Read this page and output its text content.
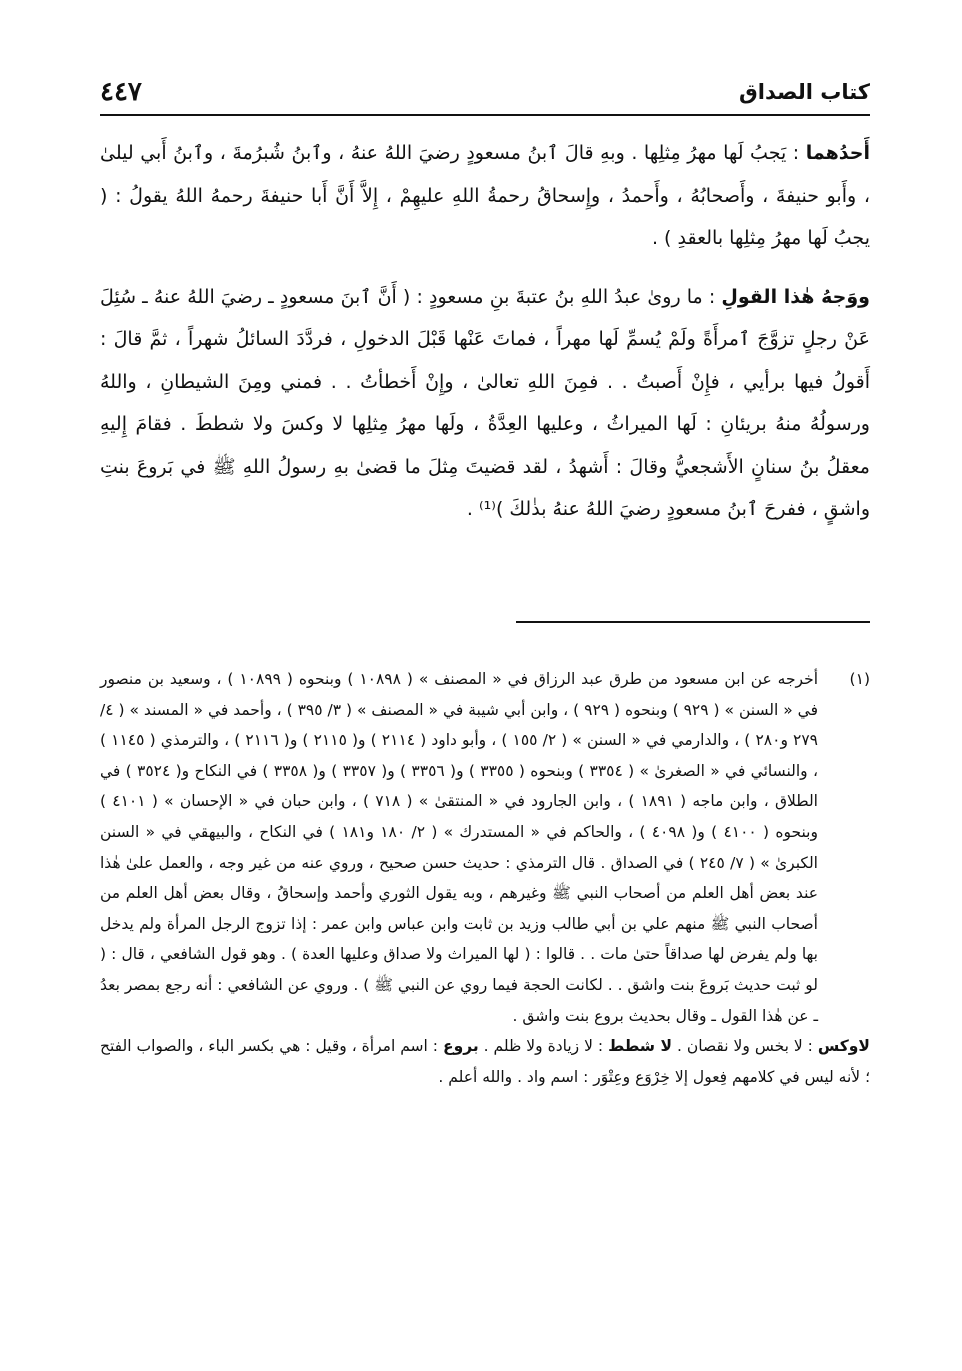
٤٤٧	كتاب الصداق

أَحدُهما : يَجبُ لَها مهرُ مِثلِها . وبهِ قالَ ٱبنُ مسعودٍ رضيَ اللهُ عنهُ ، وٱبنُ شُبرُمةَ ، وٱبنُ أَبي ليلىٰ ، وأَبو حنيفةَ ، وأَصحابُهُ ، وأَحمدُ ، وإِسحاقُ رحمةُ اللهِ عليهِمْ ، إِلاَّ أَنَّ أَبا حنيفةَ رحمهُ اللهُ يقولُ : ( يجبُ لَها مهرُ مِثلِها بالعقدِ ) .

ووَجهُ هٰذا القولِ : ما روىٰ عبدُ اللهِ بنُ عتبةَ بنِ مسعودٍ : ( أَنَّ ٱبنَ مسعودٍ ـ رضيَ اللهُ عنهُ ـ سُئِلَ عَنْ رجلٍ تزوَّجَ ٱمرأَةً ولَمْ يُسمِّ لَها مهراً ، فماتَ عَنْها قَبْلَ الدخولِ ، فردَّدَ السائلُ شهراً ، ثمَّ قالَ : أَقولُ فيها برأيي ، فإِنْ أَصبتُ . . فمِنَ اللهِ تعالىٰ ، وإِنْ أَخطأتُ . . فمني ومِنَ الشيطانِ ، واللهُ ورسولُهُ منهُ بريئانِ : لَها الميراثُ ، وعليها العِدَّةُ ، ولَها مهرُ مِثلِها لا وكسَ ولا شططَ . فقامَ إِليهِ معقلُ بنُ سنانٍ الأَشجعيُّ وقالَ : أَشهدُ ، لقد قضيتَ مِثلَ ما قضىٰ بهِ رسولُ اللهِ ﷺ في بَروعَ بنتِ واشقٍ ، ففرحَ ٱبنُ مسعودٍ رضيَ اللهُ عنهُ بذٰلكَ )⁽¹⁾ .

(١)

أخرجه عن ابن مسعود من طرق عبد الرزاق في « المصنف » ( ١٠٨٩٨ ) وبنحوه ( ١٠٨٩٩ ) ، وسعيد بن منصور في « السنن » ( ٩٢٩ ) وبنحوه ( ٩٢٩ ) ، وابن أبي شيبة في « المصنف » ( ٣/ ٣٩٥ ) ، وأحمد في « المسند » ( ٤/ ٢٧٩ و٢٨٠ ) ، والدارمي في « السنن » ( ٢/ ١٥٥ ) ، وأبو داود ( ٢١١٤ ) و( ٢١١٥ ) و( ٢١١٦ ) ، والترمذي ( ١١٤٥ ) ، والنسائي في « الصغرىٰ » ( ٣٣٥٤ ) وبنحوه ( ٣٣٥٥ ) و( ٣٣٥٦ ) و( ٣٣٥٧ ) و( ٣٣٥٨ ) في النكاح و( ٣٥٢٤ ) في الطلاق ، وابن ماجه ( ١٨٩١ ) ، وابن الجارود في « المنتقىٰ » ( ٧١٨ ) ، وابن حبان في « الإحسان » ( ٤١٠١ ) وبنحوه ( ٤١٠٠ ) و( ٤٠٩٨ ) ، والحاكم في « المستدرك » ( ٢/ ١٨٠ و١٨١ ) في النكاح ، والبيهقي في « السنن الكبرىٰ » ( ٧/ ٢٤٥ ) في الصداق . قال الترمذي : حديث حسن صحيح ، وروي عنه من غير وجه ، والعمل علىٰ هٰذا عند بعض أهل العلم من أصحاب النبي ﷺ وغيرهم ، وبه يقول الثوري وأحمد وإسحاقُ ، وقال بعض أهل العلم من أصحاب النبي ﷺ منهم علي بن أبي طالب وزيد بن ثابت وابن عباس وابن عمر : إذا تزوج الرجل المرأة ولم يدخل بها ولم يفرض لها صداقاً حتىٰ مات . . قالوا : ( لها الميراث ولا صداق وعليها العدة ) . وهو قول الشافعي ، قال : ( لو ثبت حديث بَروعَ بنت واشق . . لكانت الحجة فيما روي عن النبي ﷺ ) . وروي عن الشافعي : أنه رجع بمصر بعدُ ـ عن هٰذا القول ـ وقال بحديث بروع بنت واشق .

لاوكس : لا بخس ولا نقصان . لا شطط : لا زيادة ولا ظلم . بروع : اسم امرأة ، وقيل : هي بكسر الباء ، والصواب الفتح ؛ لأنه ليس في كلامهم فِعول إلا خِرْوَع وعِتْوَر : اسم واد . والله أعلم .
